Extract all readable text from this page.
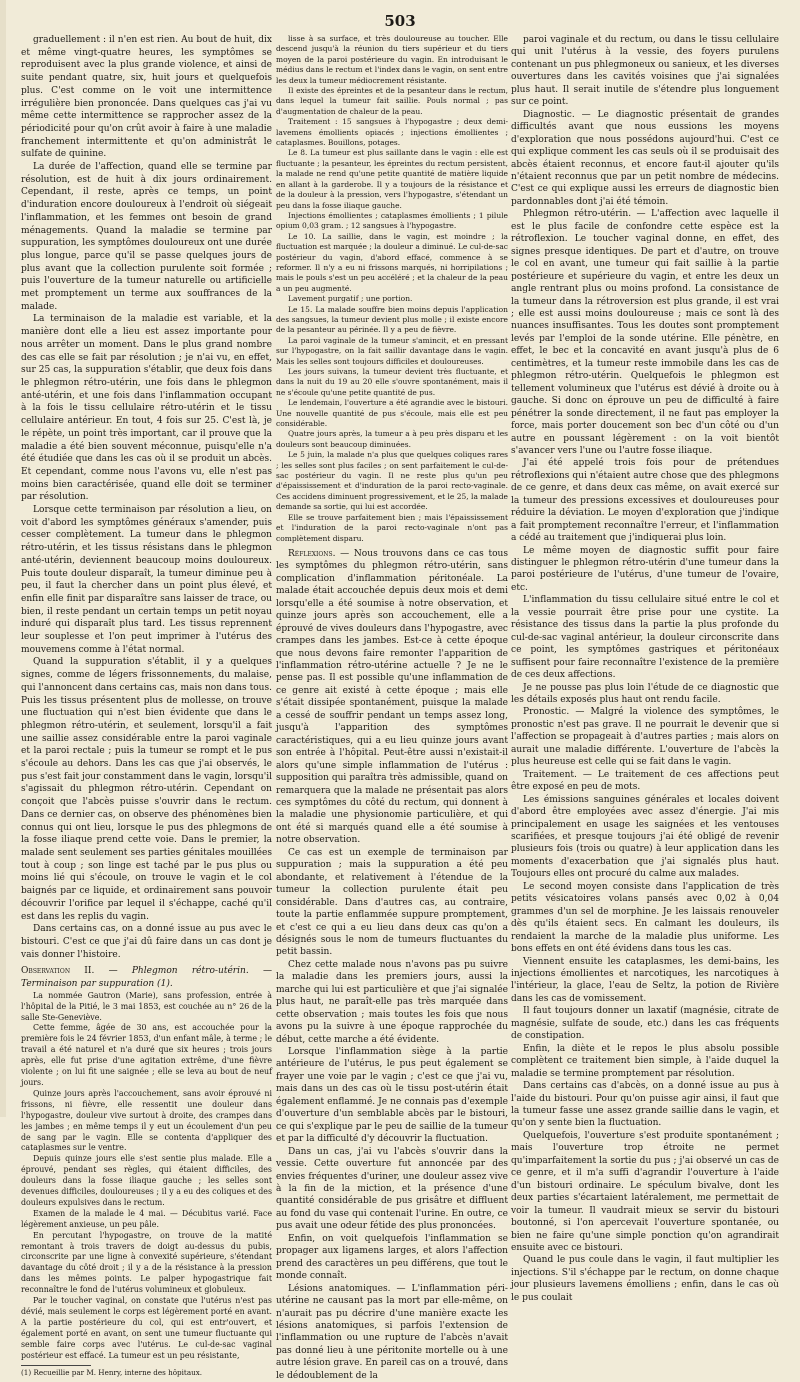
503

graduellement : il n'en est rien. Au bout de huit, dix et même vingt-quatre heures, les symptômes se reproduisent avec la plus grande violence, et ainsi de suite pendant quatre, six, huit jours et quelquefois plus. C'est comme on le voit une intermittence irrégulière bien prononcée. Dans quelques cas j'ai vu même cette intermittence se rapprocher assez de la périodicité pour qu'on crût avoir à faire à une maladie franchement intermittente et qu'on administrât le sulfate de quinine.

La durée de l'affection, quand elle se termine par résolution, est de huit à dix jours ordinairement. Cependant, il reste, après ce temps, un point d'induration encore douloureux à l'endroit où siégeait l'inflammation, et les femmes ont besoin de grand ménagements. Quand la maladie se termine par suppuration, les symptômes douloureux ont une durée plus longue, parce qu'il se passe quelques jours de plus avant que la collection purulente soit formée ; puis l'ouverture de la tumeur naturelle ou artificielle met promptement un terme aux souffrances de la malade.

La terminaison de la maladie est variable, et la manière dont elle a lieu est assez importante pour nous arrêter un moment. Dans le plus grand nombre des cas elle se fait par résolution ; je n'ai vu, en effet, sur 25 cas, la suppuration s'établir, que deux fois dans le phlegmon rétro-utérin, une fois dans le phlegmon anté-utérin, et une fois dans l'inflammation occupant à la fois le tissu cellulaire rétro-utérin et le tissu cellulaire antérieur. En tout, 4 fois sur 25. C'est là, je le répète, un point très important, car il prouve que la maladie a été bien souvent méconnue, puisqu'elle n'a été étudiée que dans les cas où il se produit un abcès. Et cependant, comme nous l'avons vu, elle n'est pas moins bien caractérisée, quand elle doit se terminer par résolution.

Lorsque cette terminaison par résolution a lieu, on voit d'abord les symptômes généraux s'amender, puis cesser complètement. La tumeur dans le phlegmon rétro-utérin, et les tissus résistans dans le phlegmon anté-utérin, deviennent beaucoup moins douloureux. Puis toute douleur disparaît, la tumeur diminue peu à peu, il faut la chercher dans un point plus élevé, et enfin elle finit par disparaître sans laisser de trace, ou bien, il reste pendant un certain temps un petit noyau induré qui disparaît plus tard. Les tissus reprennent leur souplesse et l'on peut imprimer à l'utérus des mouvemens comme à l'état normal.

Quand la suppuration s'établit, il y a quelques signes, comme de légers frissonnements, du malaise, qui l'annoncent dans certains cas, mais non dans tous. Puis les tissus présentent plus de mollesse, on trouve une fluctuation qui n'est bien évidente que dans le phlegmon rétro-utérin, et seulement, lorsqu'il a fait une saillie assez considérable entre la paroi vaginale et la paroi rectale ; puis la tumeur se rompt et le pus s'écoule au dehors. Dans les cas que j'ai observés, le pus s'est fait jour constamment dans le vagin, lorsqu'il s'agissait du phlegmon rétro-utérin. Cependant on conçoit que l'abcès puisse s'ouvrir dans le rectum. Dans ce dernier cas, on observe des phénomènes bien connus qui ont lieu, lorsque le pus des phlegmons de la fosse iliaque prend cette voie. Dans le premier, la malade sent seulement ses parties génitales mouillées tout à coup ; son linge est taché par le pus plus ou moins lié qui s'écoule, on trouve le vagin et le col baignés par ce liquide, et ordinairement sans pouvoir découvrir l'orifice par lequel il s'échappe, caché qu'il est dans les replis du vagin.

Dans certains cas, on a donné issue au pus avec le bistouri. C'est ce que j'ai dû faire dans un cas dont je vais donner l'histoire.

Observation II. — Phlegmon rétro-utérin. — Terminaison par suppuration (1).

La nommée Gautron (Marie), sans profession, entrée à l'hôpital de la Pitié, le 3 mai 1853, est couchée au n° 26 de la salle Ste-Geneviève.

Cette femme, âgée de 30 ans, est accouchée pour la première fois le 24 février 1853, d'un enfant mâle, à terme ; le travail a été naturel et n'a duré que six heures ; trois jours après, elle fut prise d'une agitation extrême, d'une fièvre violente ; on lui fit une saignée ; elle se leva au bout de neuf jours.

Quinze jours après l'accouchement, sans avoir éprouvé ni frissons, ni fièvre, elle ressentit une douleur dans l'hypogastre, douleur vive surtout à droite, des crampes dans les jambes ; en même temps il y eut un écoulement d'un peu de sang par le vagin. Elle se contenta d'appliquer des cataplasmes sur le ventre.

Depuis quinze jours elle s'est sentie plus malade. Elle a éprouvé, pendant ses règles, qui étaient difficiles, des douleurs dans la fosse iliaque gauche ; les selles sont devenues difficiles, douloureuses ; il y a eu des coliques et des douleurs expulsives dans le rectum.

Examen de la malade le 4 mai. — Décubitus varié. Face légèrement anxieuse, un peu pâle.

En percutant l'hypogastre, on trouve de la matité remontant à trois travers de doigt au-dessus du pubis, circonscrite par une ligne à convexité supérieure, s'étendant davantage du côté droit ; il y a de la résistance à la pression dans les mêmes points. Le palper hypogastrique fait reconnaître le fond de l'utérus volumineux et globuleux.

Par le toucher vaginal, on constate que l'utérus n'est pas dévié, mais seulement le corps est légèrement porté en avant. A la partie postérieure du col, qui est entr'ouvert, et également porté en avant, on sent une tumeur fluctuante qui semble faire corps avec l'utérus. Le cul-de-sac vaginal postérieur est effacé. La tumeur est un peu résistante,

(1) Recueillie par M. Henry, interne des hôpitaux.

lisse à sa surface, et très douloureuse au toucher. Elle descend jusqu'à la réunion du tiers supérieur et du tiers moyen de la paroi postérieure du vagin. En introduisant le médius dans le rectum et l'index dans le vagin, on sent entre les deux la tumeur médiocrement résistante.

Il existe des épreintes et de la pesanteur dans le rectum, dans lequel la tumeur fait saillie. Pouls normal ; pas d'augmentation de chaleur de la peau.

Traitement : 15 sangsues à l'hypogastre ; deux demi-lavemens émollients opiacés ; injections émollientes ; cataplasmes. Bouillons, potages.

Le 8. La tumeur est plus saillante dans le vagin : elle est fluctuante ; la pesanteur, les épreintes du rectum persistent, la malade ne rend qu'une petite quantité de matière liquide en allant à la garderobe. Il y a toujours de la résistance et de la douleur à la pression, vers l'hypogastre, s'étendant un peu dans la fosse iliaque gauche.

Injections émollientes ; cataplasmes émollients ; 1 pilule opium 0,03 gram. ; 12 sangsues à l'hypogastre.

Le 10. La saillie, dans le vagin, est moindre ; la fluctuation est marquée ; la douleur a diminué. Le cul-de-sac postérieur du vagin, d'abord effacé, commence à se reformer. Il n'y a eu ni frissons marqués, ni horripilations ; mais le pouls s'est un peu accéléré ; et la chaleur de la peau a un peu augmenté.

Lavement purgatif ; une portion.

Le 15. La malade souffre bien moins depuis l'application des sangsues, la tumeur devient plus molle ; il existe encore de la pesanteur au périnée. Il y a peu de fièvre.

La paroi vaginale de la tumeur s'amincit, et en pressant sur l'hypogastre, on la fait saillir davantage dans le vagin. Mais les selles sont toujours difficiles et douloureuses.

Les jours suivans, la tumeur devient très fluctuante, et dans la nuit du 19 au 20 elle s'ouvre spontanément, mais il ne s'écoule qu'une petite quantité de pus.

Le lendemain, l'ouverture a été agrandie avec le bistouri. Une nouvelle quantité de pus s'écoule, mais elle est peu considérable.

Quatre jours après, la tumeur a à peu près disparu et les douleurs sont beaucoup diminuées.

Le 5 juin, la malade n'a plus que quelques coliques rares ; les selles sont plus faciles ; on sent parfaitement le cul-de-sac postérieur du vagin. Il ne reste plus qu'un peu d'épaississement et d'induration de la paroi recto-vaginale. Ces accidens diminuent progressivement, et le 25, la malade demande sa sortie, qui lui est accordée.

Elle se trouve parfaitement bien ; mais l'épaississement et l'induration de la paroi recto-vaginale n'ont pas complètement disparu.

Réflexions. — Nous trouvons dans ce cas tous les symptômes du phlegmon rétro-utérin, sans complication d'inflammation péritonéale. La malade était accouchée depuis deux mois et demi lorsqu'elle a été soumise à notre observation, et quinze jours après son accouchement, elle a éprouvé de vives douleurs dans l'hypogastre, avec crampes dans les jambes. Est-ce à cette époque que nous devons faire remonter l'apparition de l'inflammation rétro-utérine actuelle ? Je ne le pense pas. Il est possible qu'une inflammation de ce genre ait existé à cette époque ; mais elle s'était dissipée spontanément, puisque la malade a cessé de souffrir pendant un temps assez long, jusqu'à l'apparition des symptômes caractéristiques, qui a eu lieu quinze jours avant son entrée à l'hôpital. Peut-être aussi n'existait-il alors qu'une simple inflammation de l'utérus : supposition qui paraîtra très admissible, quand on remarquera que la malade ne présentait pas alors ces symptômes du côté du rectum, qui donnent à la maladie une physionomie particulière, et qui ont été si marqués quand elle a été soumise à notre observation.

Ce cas est un exemple de terminaison par suppuration ; mais la suppuration a été peu abondante, et relativement à l'étendue de la tumeur la collection purulente était peu considérable. Dans d'autres cas, au contraire, toute la partie enflammée suppure promptement, et c'est ce qui a eu lieu dans deux cas qu'on a désignés sous le nom de tumeurs fluctuantes du petit bassin.

Chez cette malade nous n'avons pas pu suivre la maladie dans les premiers jours, aussi la marche qui lui est particulière et que j'ai signalée plus haut, ne paraît-elle pas très marquée dans cette observation ; mais toutes les fois que nous avons pu la suivre à une époque rapprochée du début, cette marche a été évidente.

Lorsque l'inflammation siège à la partie antérieure de l'utérus, le pus peut également se frayer une voie par le vagin ; c'est ce que j'ai vu, mais dans un des cas où le tissu post-utérin était également enflammé. Je ne connais pas d'exemple d'ouverture d'un semblable abcès par le bistouri, ce qui s'explique par le peu de saillie de la tumeur et par la difficulté d'y découvrir la fluctuation.

Dans un cas, j'ai vu l'abcès s'ouvrir dans la vessie. Cette ouverture fut annoncée par des envies fréquentes d'uriner, une douleur assez vive à la fin de la miction, et la présence d'une quantité considérable de pus grisâtre et diffluent au fond du vase qui contenait l'urine. En outre, ce pus avait une odeur fétide des plus prononcées.

Enfin, on voit quelquefois l'inflammation se propager aux ligamens larges, et alors l'affection prend des caractères un peu différens, que tout le monde connaît.

Lésions anatomiques. — L'inflammation péri-utérine ne causant pas la mort par elle-même, on n'aurait pas pu décrire d'une manière exacte les lésions anatomiques, si parfois l'extension de l'inflammation ou une rupture de l'abcès n'avait pas donné lieu à une péritonite mortelle ou à une autre lésion grave. En pareil cas on a trouvé, dans le dédoublement de la

paroi vaginale et du rectum, ou dans le tissu cellulaire qui unit l'utérus à la vessie, des foyers purulens contenant un pus phlegmoneux ou sanieux, et les diverses ouvertures dans les cavités voisines que j'ai signalées plus haut. Il serait inutile de s'étendre plus longuement sur ce point.

Diagnostic. — Le diagnostic présentait de grandes difficultés avant que nous eussions les moyens d'exploration que nous possédons aujourd'hui. C'est ce qui explique comment les cas seuls où il se produisait des abcès étaient reconnus, et encore faut-il ajouter qu'ils n'étaient reconnus que par un petit nombre de médecins. C'est ce qui explique aussi les erreurs de diagnostic bien pardonnables dont j'ai été témoin.

Phlegmon rétro-utérin. — L'affection avec laquelle il est le plus facile de confondre cette espèce est la rétroflexion. Le toucher vaginal donne, en effet, des signes presque identiques. De part et d'autre, on trouve le col en avant, une tumeur qui fait saillie à la partie postérieure et supérieure du vagin, et entre les deux un angle rentrant plus ou moins profond. La consistance de la tumeur dans la rétroversion est plus grande, il est vrai ; elle est aussi moins douloureuse ; mais ce sont là des nuances insuffisantes. Tous les doutes sont promptement levés par l'emploi de la sonde utérine. Elle pénètre, en effet, le bec et la concavité en avant jusqu'à plus de 6 centimètres, et la tumeur reste immobile dans les cas de phlegmon rétro-utérin. Quelquefois le phlegmon est tellement volumineux que l'utérus est dévié à droite ou à gauche. Si donc on éprouve un peu de difficulté à faire pénétrer la sonde directement, il ne faut pas employer la force, mais porter doucement son bec d'un côté ou d'un autre en poussant légèrement : on la voit bientôt s'avancer vers l'une ou l'autre fosse iliaque.

J'ai été appelé trois fois pour de prétendues rétroflexions qui n'étaient autre chose que des phlegmons de ce genre, et dans deux cas même, on avait exercé sur la tumeur des pressions excessives et douloureuses pour réduire la déviation. Le moyen d'exploration que j'indique a fait promptement reconnaître l'erreur, et l'inflammation a cédé au traitement que j'indiquerai plus loin.

Le même moyen de diagnostic suffit pour faire distinguer le phlegmon rétro-utérin d'une tumeur dans la paroi postérieure de l'utérus, d'une tumeur de l'ovaire, etc.

L'inflammation du tissu cellulaire situé entre le col et la vessie pourrait être prise pour une cystite. La résistance des tissus dans la partie la plus profonde du cul-de-sac vaginal antérieur, la douleur circonscrite dans ce point, les symptômes gastriques et péritonéaux suffisent pour faire reconnaître l'existence de la première de ces deux affections.

Je ne pousse pas plus loin l'étude de ce diagnostic que les détails exposés plus haut ont rendu facile.

Pronostic. — Malgré la violence des symptômes, le pronostic n'est pas grave. Il ne pourrait le devenir que si l'affection se propageait à d'autres parties ; mais alors on aurait une maladie différente. L'ouverture de l'abcès la plus heureuse est celle qui se fait dans le vagin.

Traitement. — Le traitement de ces affections peut être exposé en peu de mots.

Les émissions sanguines générales et locales doivent d'abord être employées avec assez d'énergie. J'ai mis principalement en usage les saignées et les ventouses scarifiées, et presque toujours j'ai été obligé de revenir plusieurs fois (trois ou quatre) à leur application dans les moments d'exacerbation que j'ai signalés plus haut. Toujours elles ont procuré du calme aux malades.

Le second moyen consiste dans l'application de très petits vésicatoires volans pansés avec 0,02 à 0,04 grammes d'un sel de morphine. Je les laissais renouveler dès qu'ils étaient secs. En calmant les douleurs, ils rendaient la marche de la maladie plus uniforme. Les bons effets en ont été évidens dans tous les cas.

Viennent ensuite les cataplasmes, les demi-bains, les injections émollientes et narcotiques, les narcotiques à l'intérieur, la glace, l'eau de Seltz, la potion de Rivière dans les cas de vomissement.

Il faut toujours donner un laxatif (magnésie, citrate de magnésie, sulfate de soude, etc.) dans les cas fréquents de constipation.

Enfin, la diète et le repos le plus absolu possible complètent ce traitement bien simple, à l'aide duquel la maladie se termine promptement par résolution.

Dans certains cas d'abcès, on a donné issue au pus à l'aide du bistouri. Pour qu'on puisse agir ainsi, il faut que la tumeur fasse une assez grande saillie dans le vagin, et qu'on y sente bien la fluctuation.

Quelquefois, l'ouverture s'est produite spontanément ; mais l'ouverture trop étroite ne permet qu'imparfaitement la sortie du pus ; j'ai observé un cas de ce genre, et il m'a suffi d'agrandir l'ouverture à l'aide d'un bistouri ordinaire. Le spéculum bivalve, dont les deux parties s'écartaient latéralement, me permettait de voir la tumeur. Il vaudrait mieux se servir du bistouri boutonné, si l'on apercevait l'ouverture spontanée, ou bien ne faire qu'une simple ponction qu'on agrandirait ensuite avec ce bistouri.

Quand le pus coule dans le vagin, il faut multiplier les injections. S'il s'échappe par le rectum, on donne chaque jour plusieurs lavemens émolliens ; enfin, dans le cas où le pus coulait
